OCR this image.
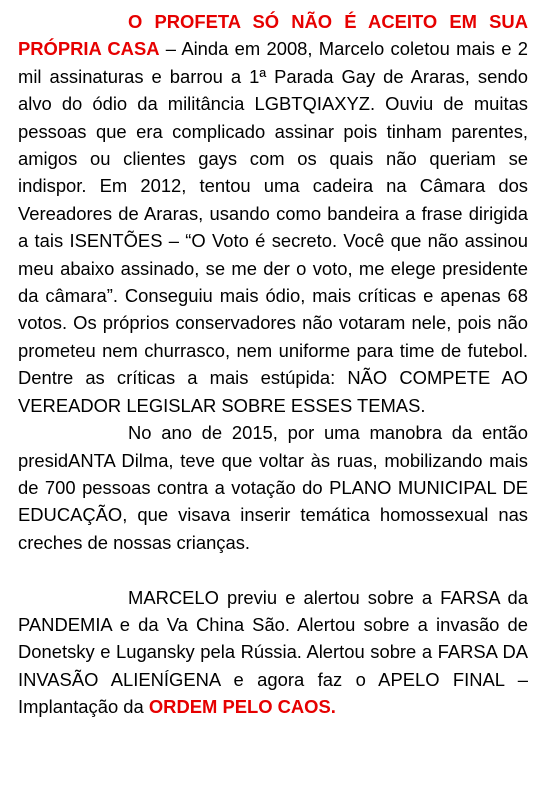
O PROFETA SÓ NÃO É ACEITO EM SUA PRÓPRIA CASA – Ainda em 2008, Marcelo coletou mais e 2 mil assinaturas e barrou a 1ª Parada Gay de Araras, sendo alvo do ódio da militância LGBTQIAXYZ. Ouviu de muitas pessoas que era complicado assinar pois tinham parentes, amigos ou clientes gays com os quais não queriam se indispor. Em 2012, tentou uma cadeira na Câmara dos Vereadores de Araras, usando como bandeira a frase dirigida a tais ISENTÕES – “O Voto é secreto. Você que não assinou meu abaixo assinado, se me der o voto, me elege presidente da câmara”. Conseguiu mais ódio, mais críticas e apenas 68 votos. Os próprios conservadores não votaram nele, pois não prometeu nem churrasco, nem uniforme para time de futebol. Dentre as críticas a mais estúpida: NÃO COMPETE AO VEREADOR LEGISLAR SOBRE ESSES TEMAS.

No ano de 2015, por uma manobra da então presidANTA Dilma, teve que voltar às ruas, mobilizando mais de 700 pessoas contra a votação do PLANO MUNICIPAL DE EDUCAÇÃO, que visava inserir temática homossexual nas creches de nossas crianças.

MARCELO previu e alertou sobre a FARSA da PANDEMIA e da Va China São. Alertou sobre a invasão de Donetsky e Lugansky pela Rússia. Alertou sobre a FARSA DA INVASÃO ALIENÍGENA e agora faz o APELO FINAL – Implantação da ORDEM PELO CAOS.
